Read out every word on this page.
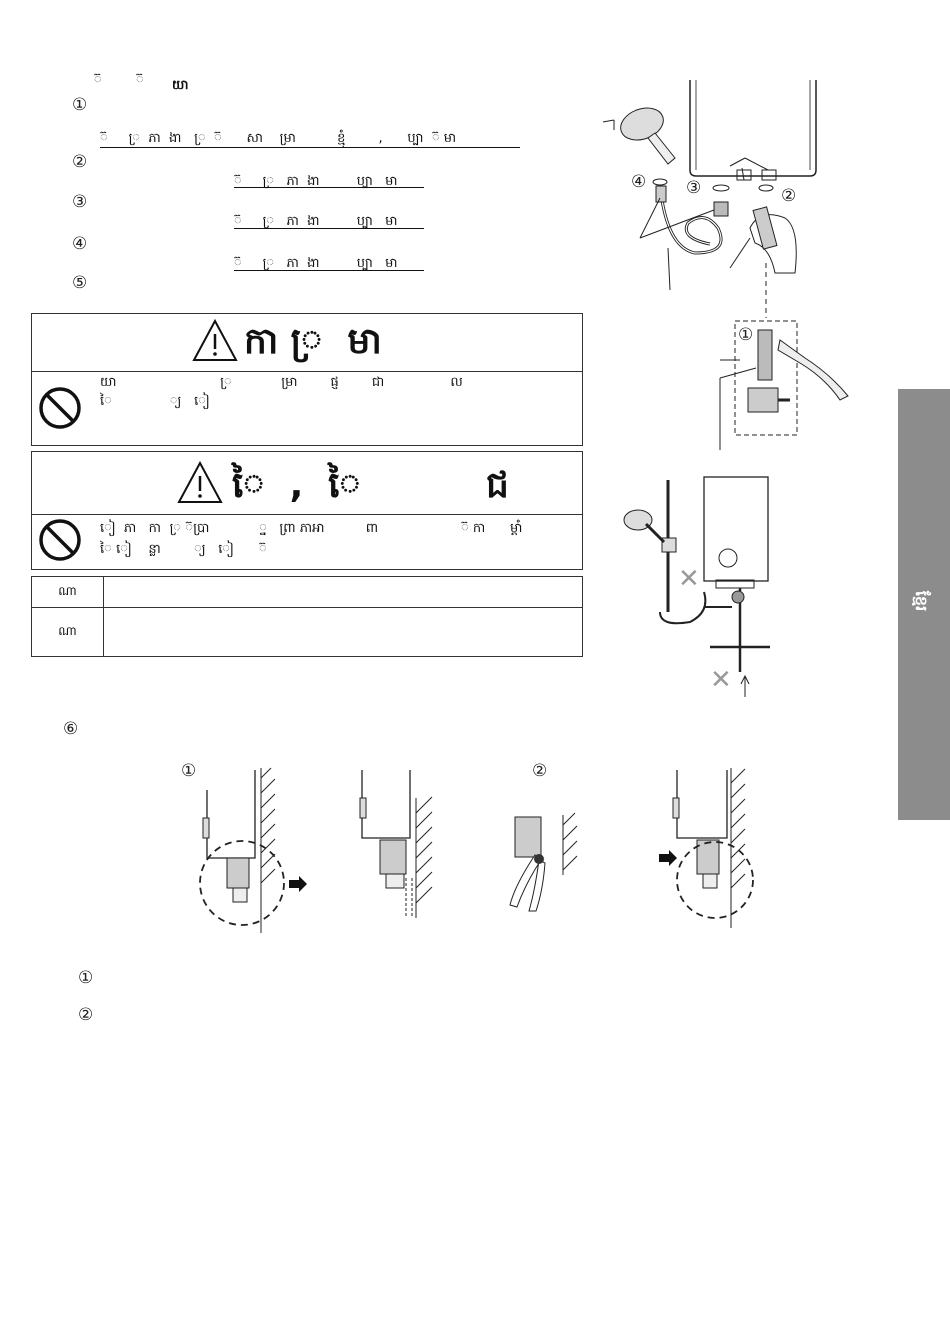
៊	៊ យា
①
②
③
④
⑤
៊     ្រ  ភា  ងា   ្រ  ៊      សា    ម្រា          ខ្មុំ        ,      ប្បា  ៊ មា
៊     ្រ   ភា  ងា         ប្បា   មា
៊     ្រ   ភា  ងា         ប្បា   មា
៊     ្រ   ភា  ងា         ប្បា   មា
កា ្រ  មា
យា                         ្រ            ម្រា        ផ្ញ        ជា                ល
ៃ              ្យ   ៀ
ៃ  ,  ៃ          ជ
ៀ  ភា   កា  ្រ ៊ប្រា            ្ន   ព្រា ភាអា          ពា                    ៊ កា      ម្តាំ
ៃ ៀ    ន្លា        ្យ   ៀ      ៊
ណា
ណា
⑥
①
②
ខ្មែរ
④ ③	②
①
✕
✕
①	②
